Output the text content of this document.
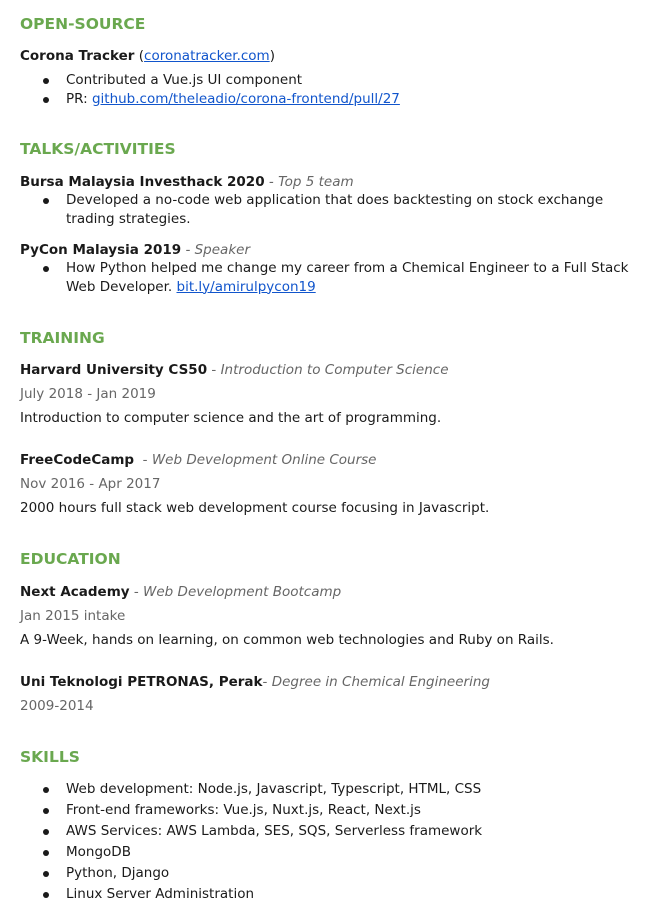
OPEN-SOURCE
Corona Tracker (coronatracker.com)
Contributed a Vue.js UI component
PR: github.com/theleadio/corona-frontend/pull/27
TALKS/ACTIVITIES
Bursa Malaysia Investhack 2020 - Top 5 team
Developed a no-code web application that does backtesting on stock exchange trading strategies.
PyCon Malaysia 2019 - Speaker
How Python helped me change my career from a Chemical Engineer to a Full Stack Web Developer. bit.ly/amirulpycon19
TRAINING
Harvard University CS50 - Introduction to Computer Science
July 2018 - Jan 2019
Introduction to computer science and the art of programming.
FreeCodeCamp  - Web Development Online Course
Nov 2016 - Apr 2017
2000 hours full stack web development course focusing in Javascript.
EDUCATION
Next Academy - Web Development Bootcamp
Jan 2015 intake
A 9-Week, hands on learning, on common web technologies and Ruby on Rails.
Uni Teknologi PETRONAS, Perak- Degree in Chemical Engineering
2009-2014
SKILLS
Web development: Node.js, Javascript, Typescript, HTML, CSS
Front-end frameworks: Vue.js, Nuxt.js, React, Next.js
AWS Services: AWS Lambda, SES, SQS, Serverless framework
MongoDB
Python, Django
Linux Server Administration
